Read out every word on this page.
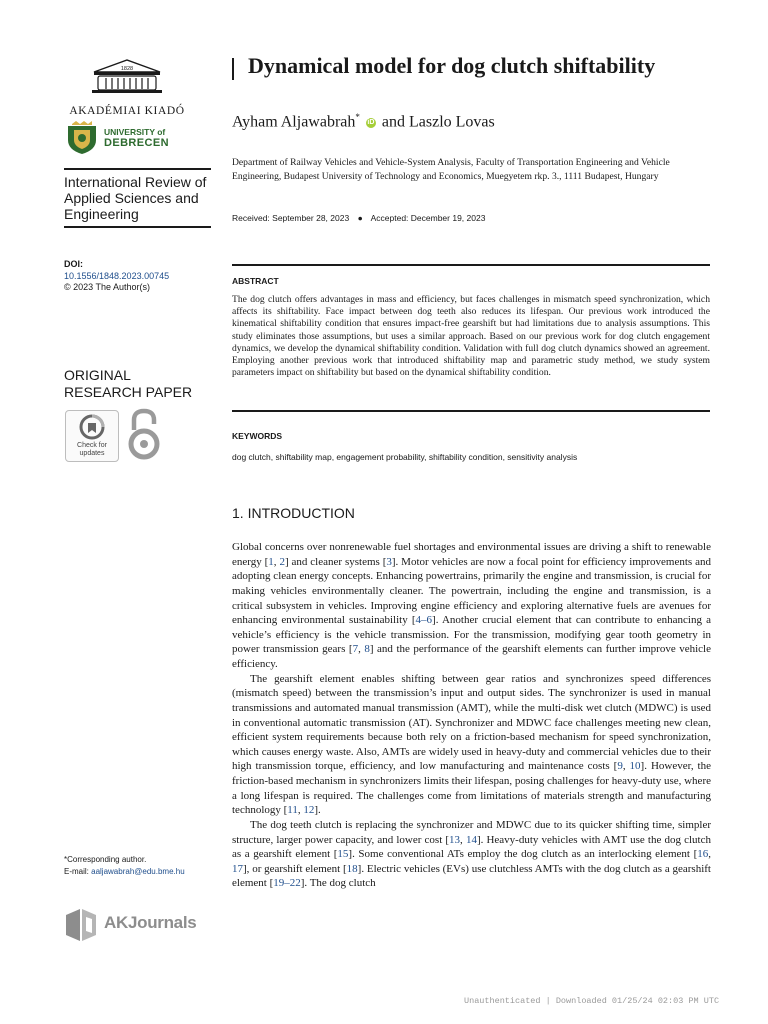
1828
AKADÉMIAI KIADÓ
UNIVERSITY of
DEBRECEN
International Review of Applied Sciences and Engineering
DOI:
10.1556/1848.2023.00745
© 2023 The Author(s)
ORIGINAL RESEARCH PAPER
Check for updates
*Corresponding author.
E-mail: aaljawabrah@edu.bme.hu
AKJournals
Dynamical model for dog clutch shiftability
Ayham Aljawabrah* iD and Laszlo Lovas
Department of Railway Vehicles and Vehicle-System Analysis, Faculty of Transportation Engineering and Vehicle Engineering, Budapest University of Technology and Economics, Muegyetem rkp. 3., 1111 Budapest, Hungary
Received: September 28, 2023 ● Accepted: December 19, 2023
ABSTRACT
The dog clutch offers advantages in mass and efficiency, but faces challenges in mismatch speed synchronization, which affects its shiftability. Face impact between dog teeth also reduces its lifespan. Our previous work introduced the kinematical shiftability condition that ensures impact-free gearshift but had limitations due to analysis assumptions. This study eliminates those assumptions, but uses a similar approach. Based on our previous work for dog clutch engagement dynamics, we develop the dynamical shiftability condition. Validation with full dog clutch dynamics showed an agreement. Employing another previous work that introduced shiftability map and parametric study method, we study system parameters impact on shiftability but based on the dynamical shiftability condition.
KEYWORDS
dog clutch, shiftability map, engagement probability, shiftability condition, sensitivity analysis
1. INTRODUCTION

Global concerns over nonrenewable fuel shortages and environmental issues are driving a shift to renewable energy [1, 2] and cleaner systems [3]. Motor vehicles are now a focal point for efficiency improvements and adopting clean energy concepts. Enhancing powertrains, primarily the engine and transmission, is crucial for making vehicles environmentally cleaner. The powertrain, including the engine and transmission, is a critical subsystem in vehicles. Improving engine efficiency and exploring alternative fuels are avenues for enhancing environmental sustainability [4–6]. Another crucial element that can contribute to enhancing a vehicle’s efficiency is the vehicle transmission. For the transmission, modifying gear tooth geometry in power transmission gears [7, 8] and the performance of the gearshift elements can further improve vehicle efficiency.

The gearshift element enables shifting between gear ratios and synchronizes speed differences (mismatch speed) between the transmission’s input and output sides. The synchronizer is used in manual transmissions and automated manual transmission (AMT), while the multi-disk wet clutch (MDWC) is used in conventional automatic transmission (AT). Synchronizer and MDWC face challenges meeting new clean, efficient system requirements because both rely on a friction-based mechanism for speed synchronization, which causes energy waste. Also, AMTs are widely used in heavy-duty and commercial vehicles due to their high transmission torque, efficiency, and low manufacturing and maintenance costs [9, 10]. However, the friction-based mechanism in synchronizers limits their lifespan, posing challenges for heavy-duty use, where a long lifespan is required. The challenges come from limitations of materials strength and manufacturing technology [11, 12].

The dog teeth clutch is replacing the synchronizer and MDWC due to its quicker shifting time, simpler structure, larger power capacity, and lower cost [13, 14]. Heavy-duty vehicles with AMT use the dog clutch as a gearshift element [15]. Some conventional ATs employ the dog clutch as an interlocking element [16, 17], or gearshift element [18]. Electric vehicles (EVs) use clutchless AMTs with the dog clutch as a gearshift element [19–22]. The dog clutch

Unauthenticated | Downloaded 01/25/24 02:03 PM UTC
